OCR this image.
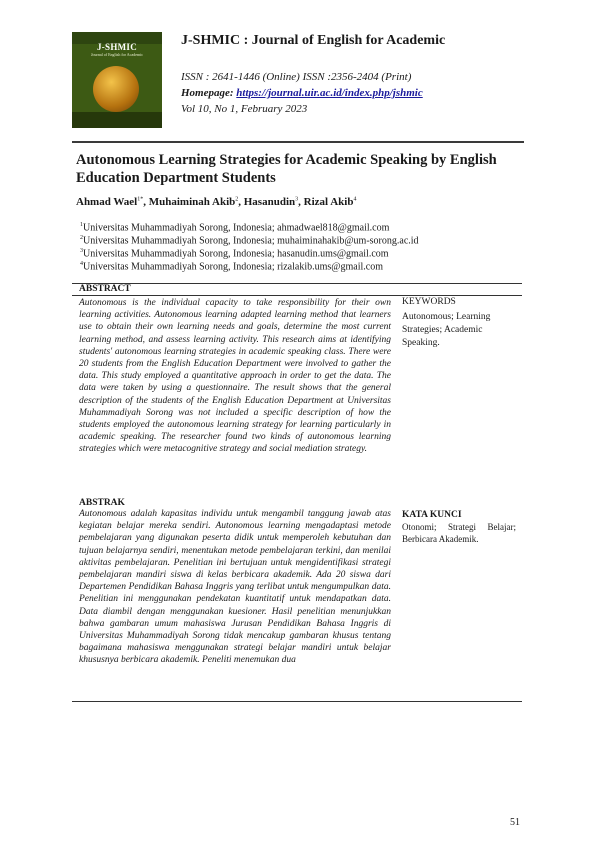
J-SHMIC
Journal of English for Academic
J-SHMIC : Journal of English for Academic
ISSN : 2641-1446 (Online) ISSN :2356-2404 (Print)
Homepage: https://journal.uir.ac.id/index.php/jshmic
Vol 10, No 1, February 2023
Autonomous Learning Strategies for Academic Speaking by English Education Department Students
Ahmad Wael$^{1*}$, Muhaiminah Akib$^2$, Hasanudin$^3$, Rizal Akib$^4$
$^1$Universitas Muhammadiyah Sorong, Indonesia; ahmadwael818@gmail.com
$^2$Universitas Muhammadiyah Sorong, Indonesia; muhaiminahakib@um-sorong.ac.id
$^3$Universitas Muhammadiyah Sorong, Indonesia; hasanudin.ums@gmail.com
$^4$Universitas Muhammadiyah Sorong, Indonesia; rizalakib.ums@gmail.com
ABSTRACT
Autonomous is the individual capacity to take responsibility for their own learning activities. Autonomous learning adapted learning method that learners use to obtain their own learning needs and goals, determine the most current learning method, and assess learning activity. This research aims at identifying students' autonomous learning strategies in academic speaking class. There were 20 students from the English Education Department were involved to gather the data. This study employed a quantitative approach in order to get the data. The data were taken by using a questionnaire. The result shows that the general description of the students of the English Education Department at Universitas Muhammadiyah Sorong was not included a specific description of how the students employed the autonomous learning strategy for learning particularly in academic speaking. The researcher found two kinds of autonomous learning strategies which were metacognitive strategy and social mediation strategy.
KEYWORDS
Autonomous; Learning Strategies; Academic Speaking.
ABSTRAK
Autonomous adalah kapasitas individu untuk mengambil tanggung jawab atas kegiatan belajar mereka sendiri. Autonomous learning mengadaptasi metode pembelajaran yang digunakan peserta didik untuk memperoleh kebutuhan dan tujuan belajarnya sendiri, menentukan metode pembelajaran terkini, dan menilai aktivitas pembelajaran. Penelitian ini bertujuan untuk mengidentifikasi strategi pembelajaran mandiri siswa di kelas berbicara akademik. Ada 20 siswa dari Departemen Pendidikan Bahasa Inggris yang terlibat untuk mengumpulkan data. Penelitian ini menggunakan pendekatan kuantitatif untuk mendapatkan data. Data diambil dengan menggunakan kuesioner. Hasil penelitian menunjukkan bahwa gambaran umum mahasiswa Jurusan Pendidikan Bahasa Inggris di Universitas Muhammadiyah Sorong tidak mencakup gambaran khusus tentang bagaimana mahasiswa menggunakan strategi belajar mandiri untuk belajar khususnya berbicara akademik. Peneliti menemukan dua
KATA KUNCI
Otonomi; Strategi Belajar; Berbicara Akademik.
51
